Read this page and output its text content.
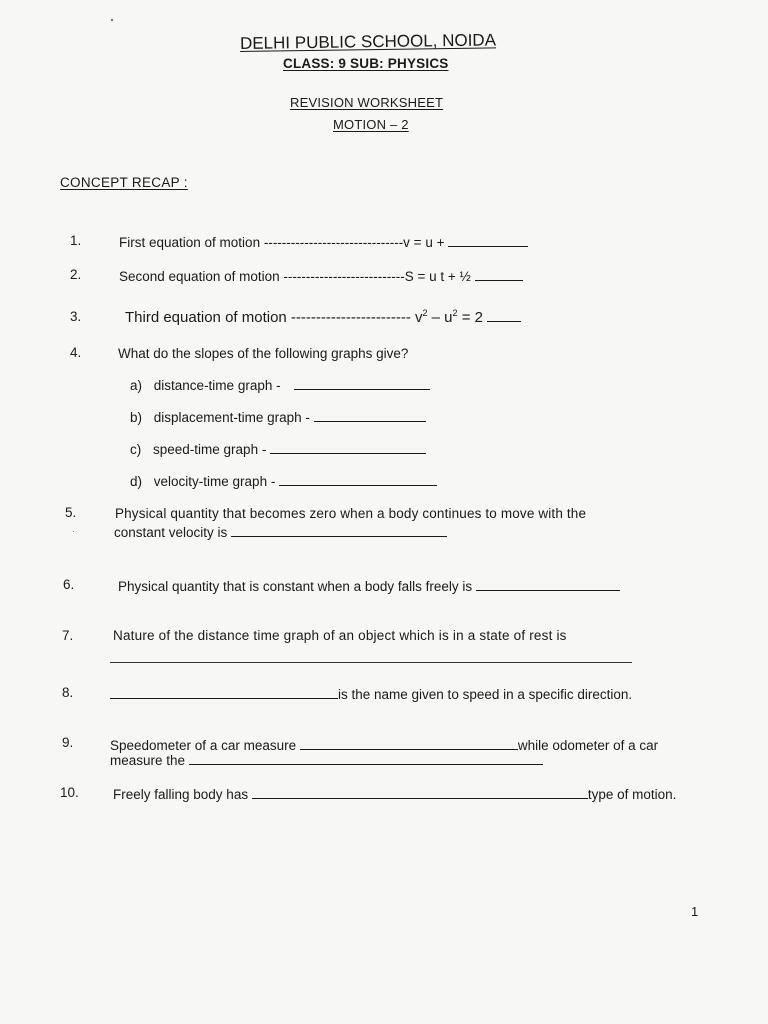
DELHI PUBLIC SCHOOL, NOIDA
CLASS: 9 SUB: PHYSICS
REVISION WORKSHEET
MOTION – 2
CONCEPT RECAP :
1.	First equation of motion -------------------------------v = u +
2.	Second equation of motion ---------------------------S = u t + ½
3.	Third equation of motion ------------------------ $v^2 - u^2 = 2$
4.	What do the slopes of the following graphs give?
a) distance-time graph -
b) displacement-time graph -
c) speed-time graph -
d) velocity-time graph -
5.	Physical quantity that becomes zero when a body continues to move with the
constant velocity is
6.	Physical quantity that is constant when a body falls freely is
7.	Nature of the distance time graph of an object which is in a state of rest is
8.	is the name given to speed in a specific direction.
9.	Speedometer of a car measure	while odometer of a car
measure the
10.	Freely falling body has	type of motion.
1
